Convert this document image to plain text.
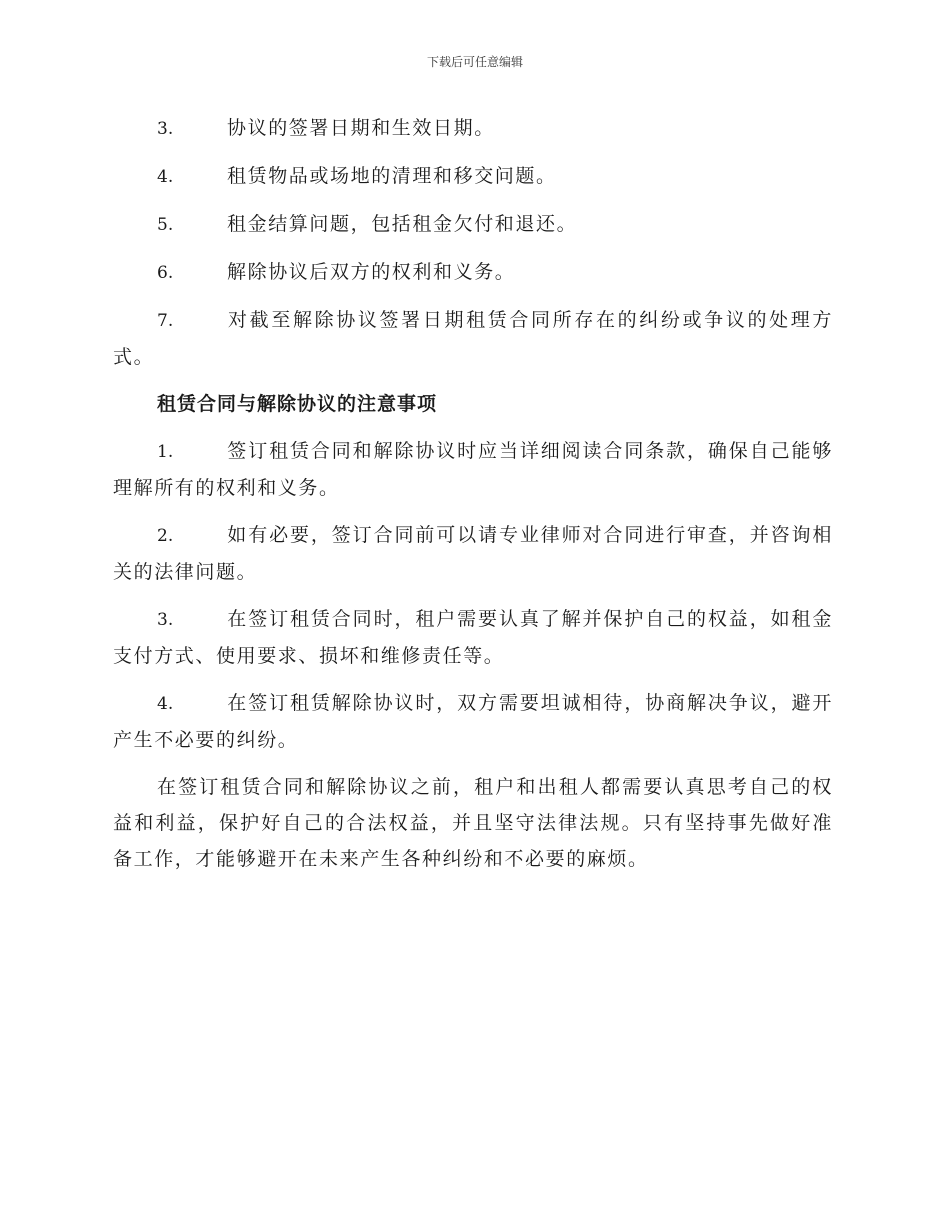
下载后可任意编辑

3.	协议的签署日期和生效日期。

4.	租赁物品或场地的清理和移交问题。

5.	租金结算问题，包括租金欠付和退还。

6.	解除协议后双方的权利和义务。

7.	对截至解除协议签署日期租赁合同所存在的纠纷或争议的处理方式。

租赁合同与解除协议的注意事项

1.	签订租赁合同和解除协议时应当详细阅读合同条款，确保自己能够理解所有的权利和义务。

2.	如有必要，签订合同前可以请专业律师对合同进行审查，并咨询相关的法律问题。

3.	在签订租赁合同时，租户需要认真了解并保护自己的权益，如租金支付方式、使用要求、损坏和维修责任等。

4.	在签订租赁解除协议时，双方需要坦诚相待，协商解决争议，避开产生不必要的纠纷。

在签订租赁合同和解除协议之前，租户和出租人都需要认真思考自己的权益和利益，保护好自己的合法权益，并且坚守法律法规。只有坚持事先做好准备工作，才能够避开在未来产生各种纠纷和不必要的麻烦。
